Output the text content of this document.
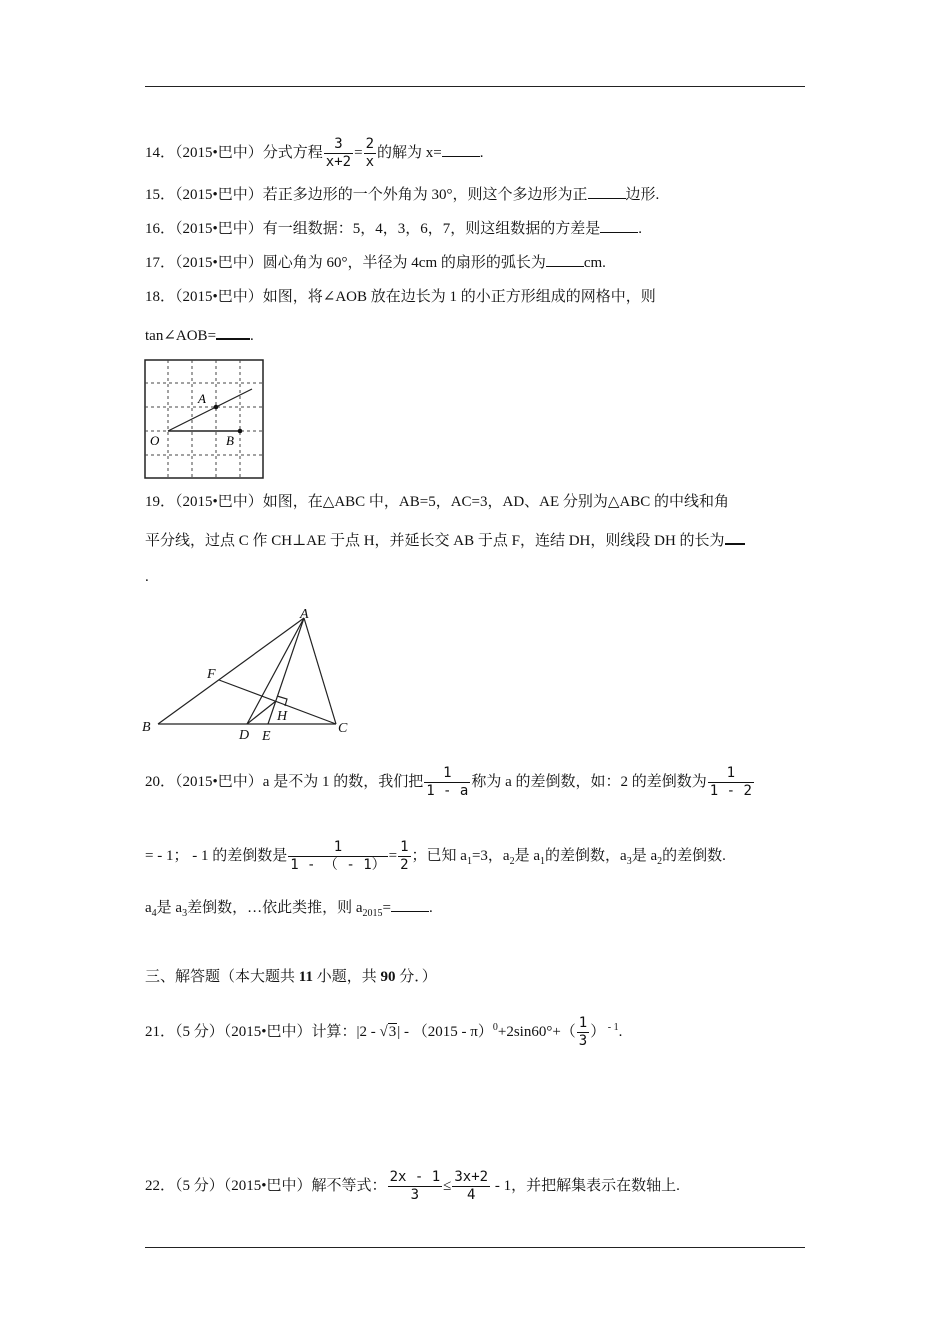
14．（2015•巴中）分式方程 $\frac{3}{x+2} = \frac{2}{x}$ 的解为 x=	.
15．（2015•巴中）若正多边形的一个外角为 30°，则这个多边形为正	边形.
16．（2015•巴中）有一组数据：5，4，3，6，7，则这组数据的方差是	.
17．（2015•巴中）圆心角为 60°，半径为 4cm 的扇形的弧长为	cm.
18．（2015•巴中）如图，将∠AOB 放在边长为 1 的小正方形组成的网格中，则
tan∠AOB= .
A
O	B
19．（2015•巴中）如图，在△ABC 中，AB=5，AC=3，AD、AE 分别为△ABC 的中线和角
平分线，过点 C 作 CH⊥AE 于点 H，并延长交 AB 于点 F，连结 DH，则线段 DH 的长为
.
A
B	C
D E
F
H
20．（2015•巴中）a 是不为 1 的数，我们把 $\frac{1}{1 - a}$ 称为 a 的差倒数，如：2 的差倒数为 $\frac{1}{1 - 2}$
= - 1； - 1 的差倒数是 $\frac{1}{1 - ( - 1)} = \frac{1}{2}$ ；已知 $a_1=3$，$a_2$是 $a_1$的差倒数，$a_3$是 $a_2$的差倒数.
$a_4$是 $a_3$差倒数，…依此类推，则 $a_{2015}=$	.
三、解答题（本大题共 11 小题，共 90 分．）
21．（5 分）（2015•巴中）计算：$|2 - √3| - (2015 - \pi)^0+2\sin 60^\circ+( \frac{1}{3}$ ） $^{- 1}$.
22．（5 分）（2015•巴中）解不等式： $\frac{2x - 1}{3} \le \frac{3x+2}{4} - 1$，并把解集表示在数轴上.
